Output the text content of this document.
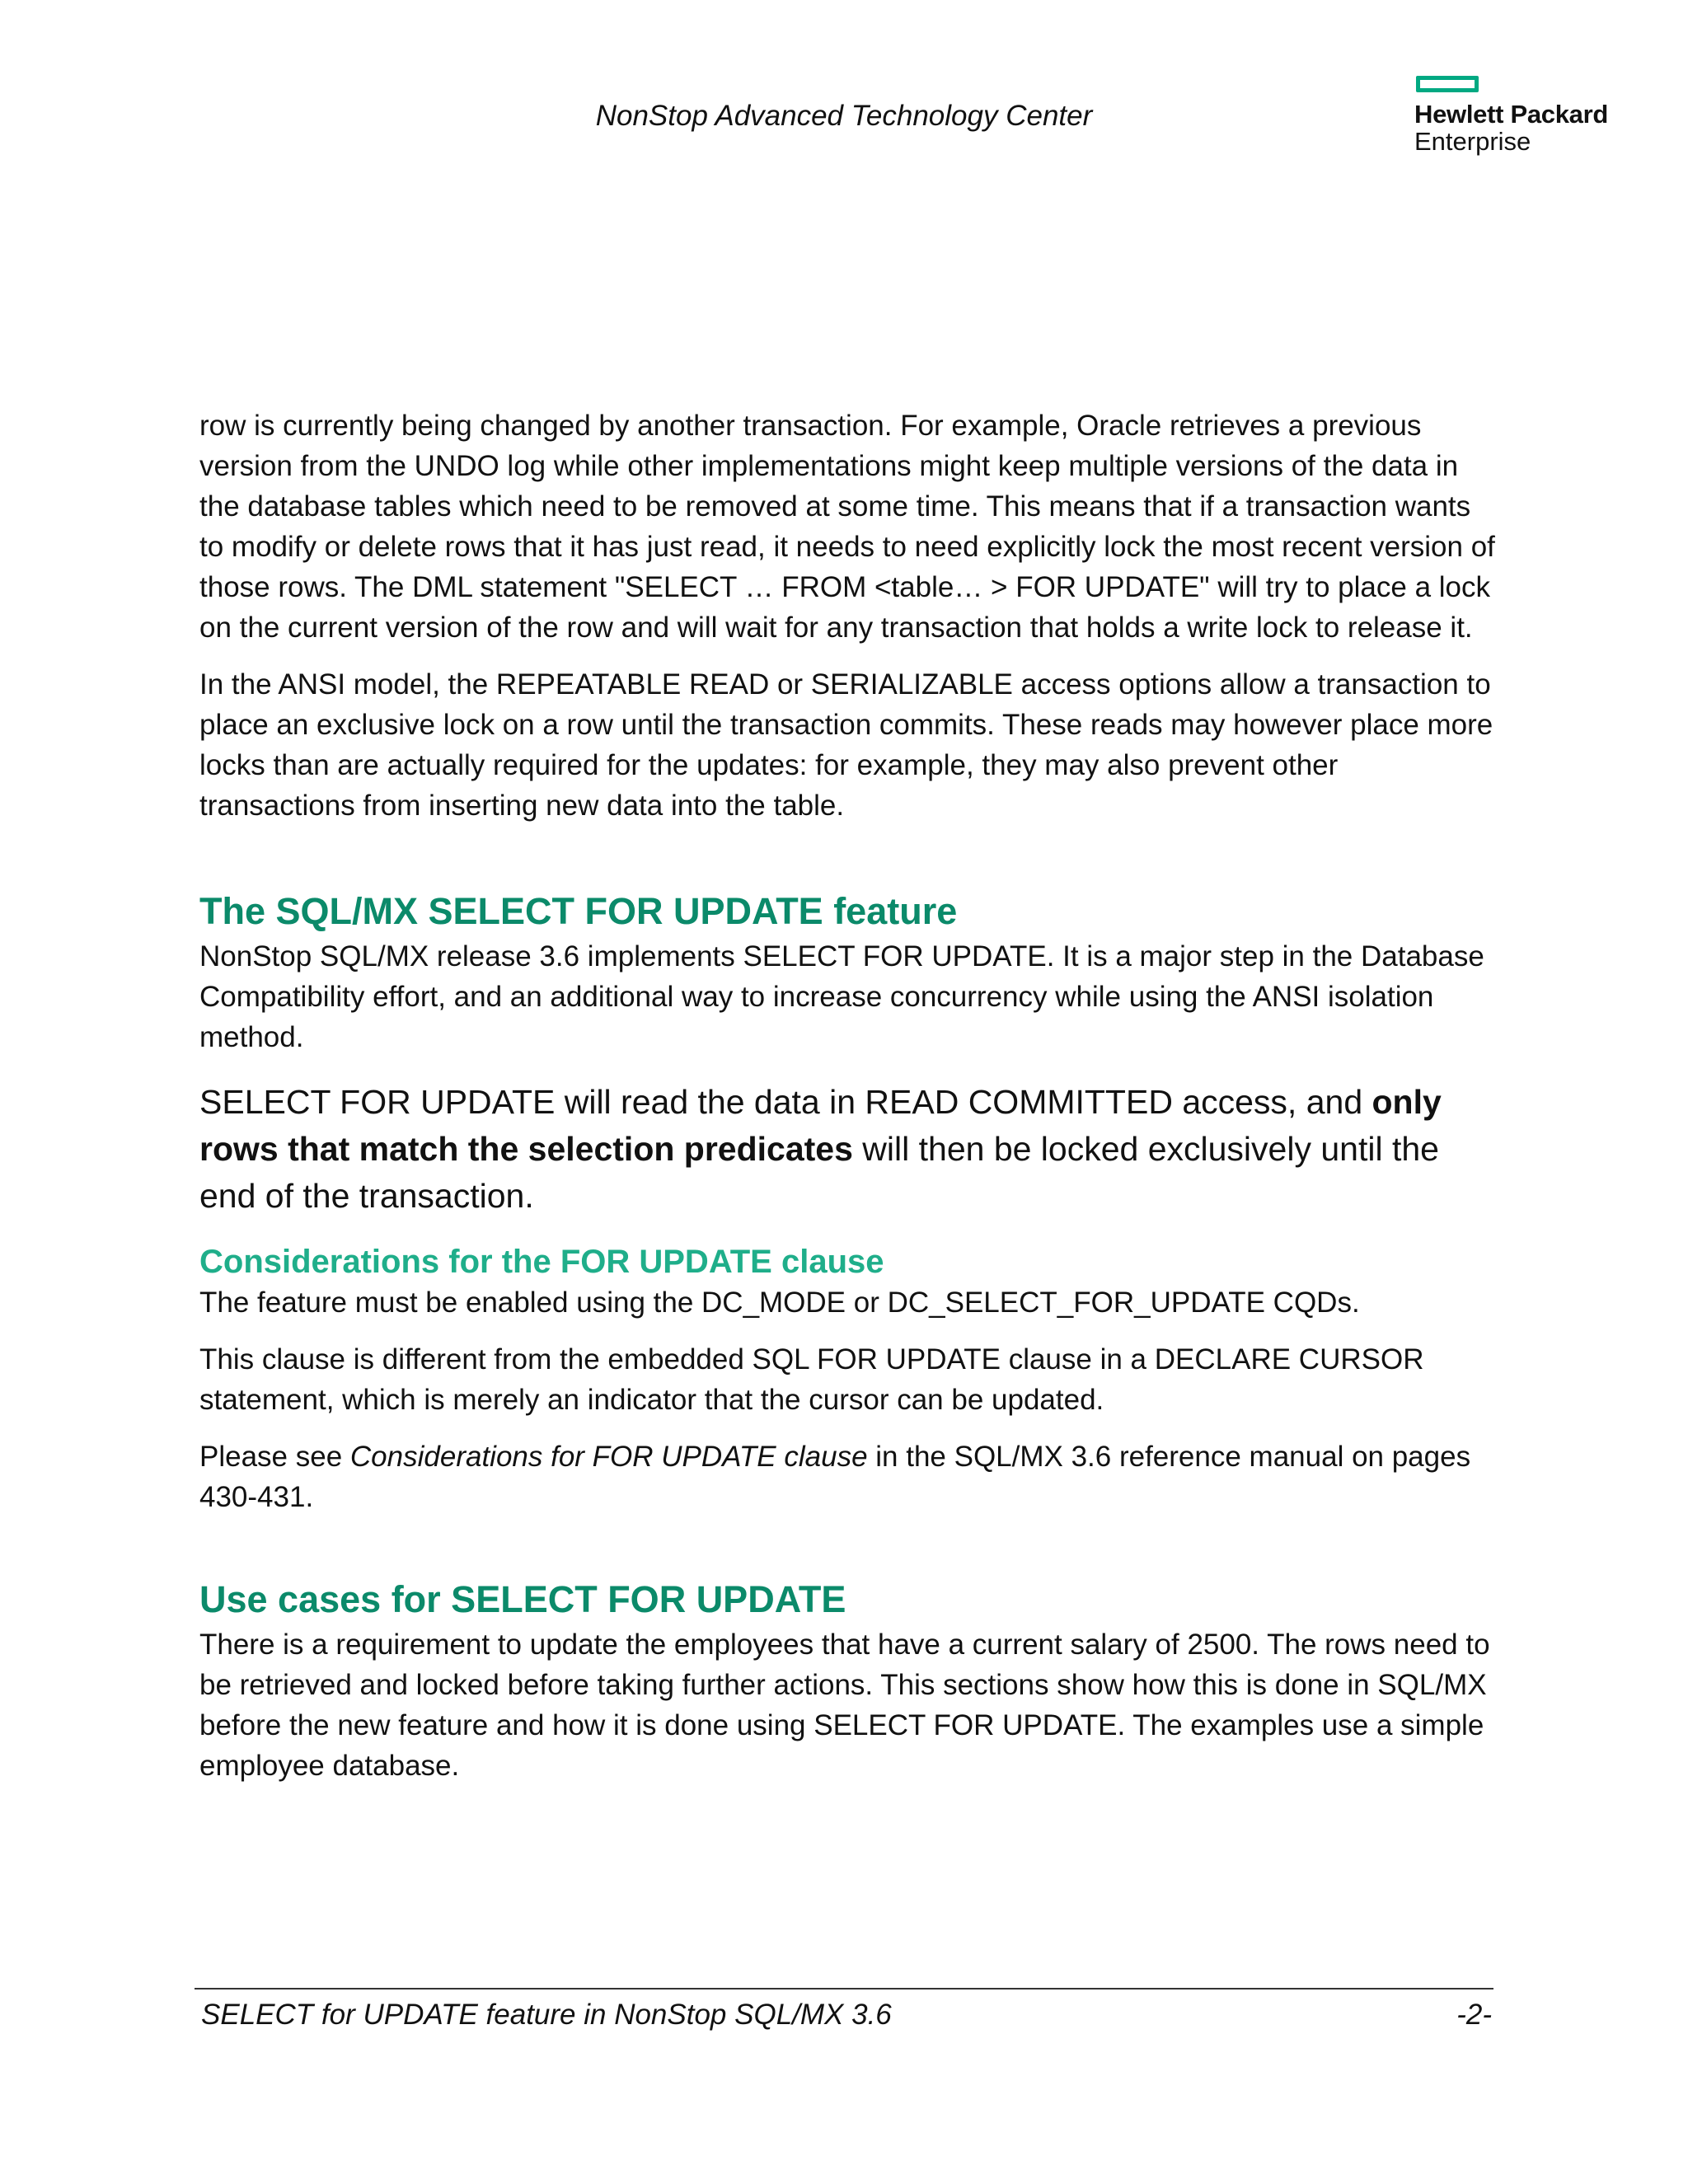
NonStop Advanced Technology Center	Hewlett Packard
Enterprise

row is currently being changed by another transaction. For example, Oracle retrieves a previous version from the UNDO log while other implementations might keep multiple versions of the data in the database tables which need to be removed at some time. This means that if a transaction wants to modify or delete rows that it has just read, it needs to need explicitly lock the most recent version of those rows. The DML statement "SELECT … FROM <table… > FOR UPDATE" will try to place a lock on the current version of the row and will wait for any transaction that holds a write lock to release it.

In the ANSI model, the REPEATABLE READ or SERIALIZABLE access options allow a transaction to place an exclusive lock on a row until the transaction commits. These reads may however place more locks than are actually required for the updates: for example, they may also prevent other transactions from inserting new data into the table.

The SQL/MX SELECT FOR UPDATE feature

NonStop SQL/MX release 3.6 implements SELECT FOR UPDATE. It is a major step in the Database Compatibility effort, and an additional way to increase concurrency while using the ANSI isolation method.

SELECT FOR UPDATE will read the data in READ COMMITTED access, and only rows that match the selection predicates will then be locked exclusively until the end of the transaction.

Considerations for the FOR UPDATE clause

The feature must be enabled using the DC_MODE or DC_SELECT_FOR_UPDATE CQDs.

This clause is different from the embedded SQL FOR UPDATE clause in a DECLARE CURSOR statement, which is merely an indicator that the cursor can be updated.

Please see Considerations for FOR UPDATE clause in the SQL/MX 3.6 reference manual on pages 430-431.

Use cases for SELECT FOR UPDATE

There is a requirement to update the employees that have a current salary of 2500. The rows need to be retrieved and locked before taking further actions. This sections show how this is done in SQL/MX before the new feature and how it is done using SELECT FOR UPDATE. The examples use a simple employee database.

SELECT for UPDATE feature in NonStop SQL/MX 3.6	-2-
